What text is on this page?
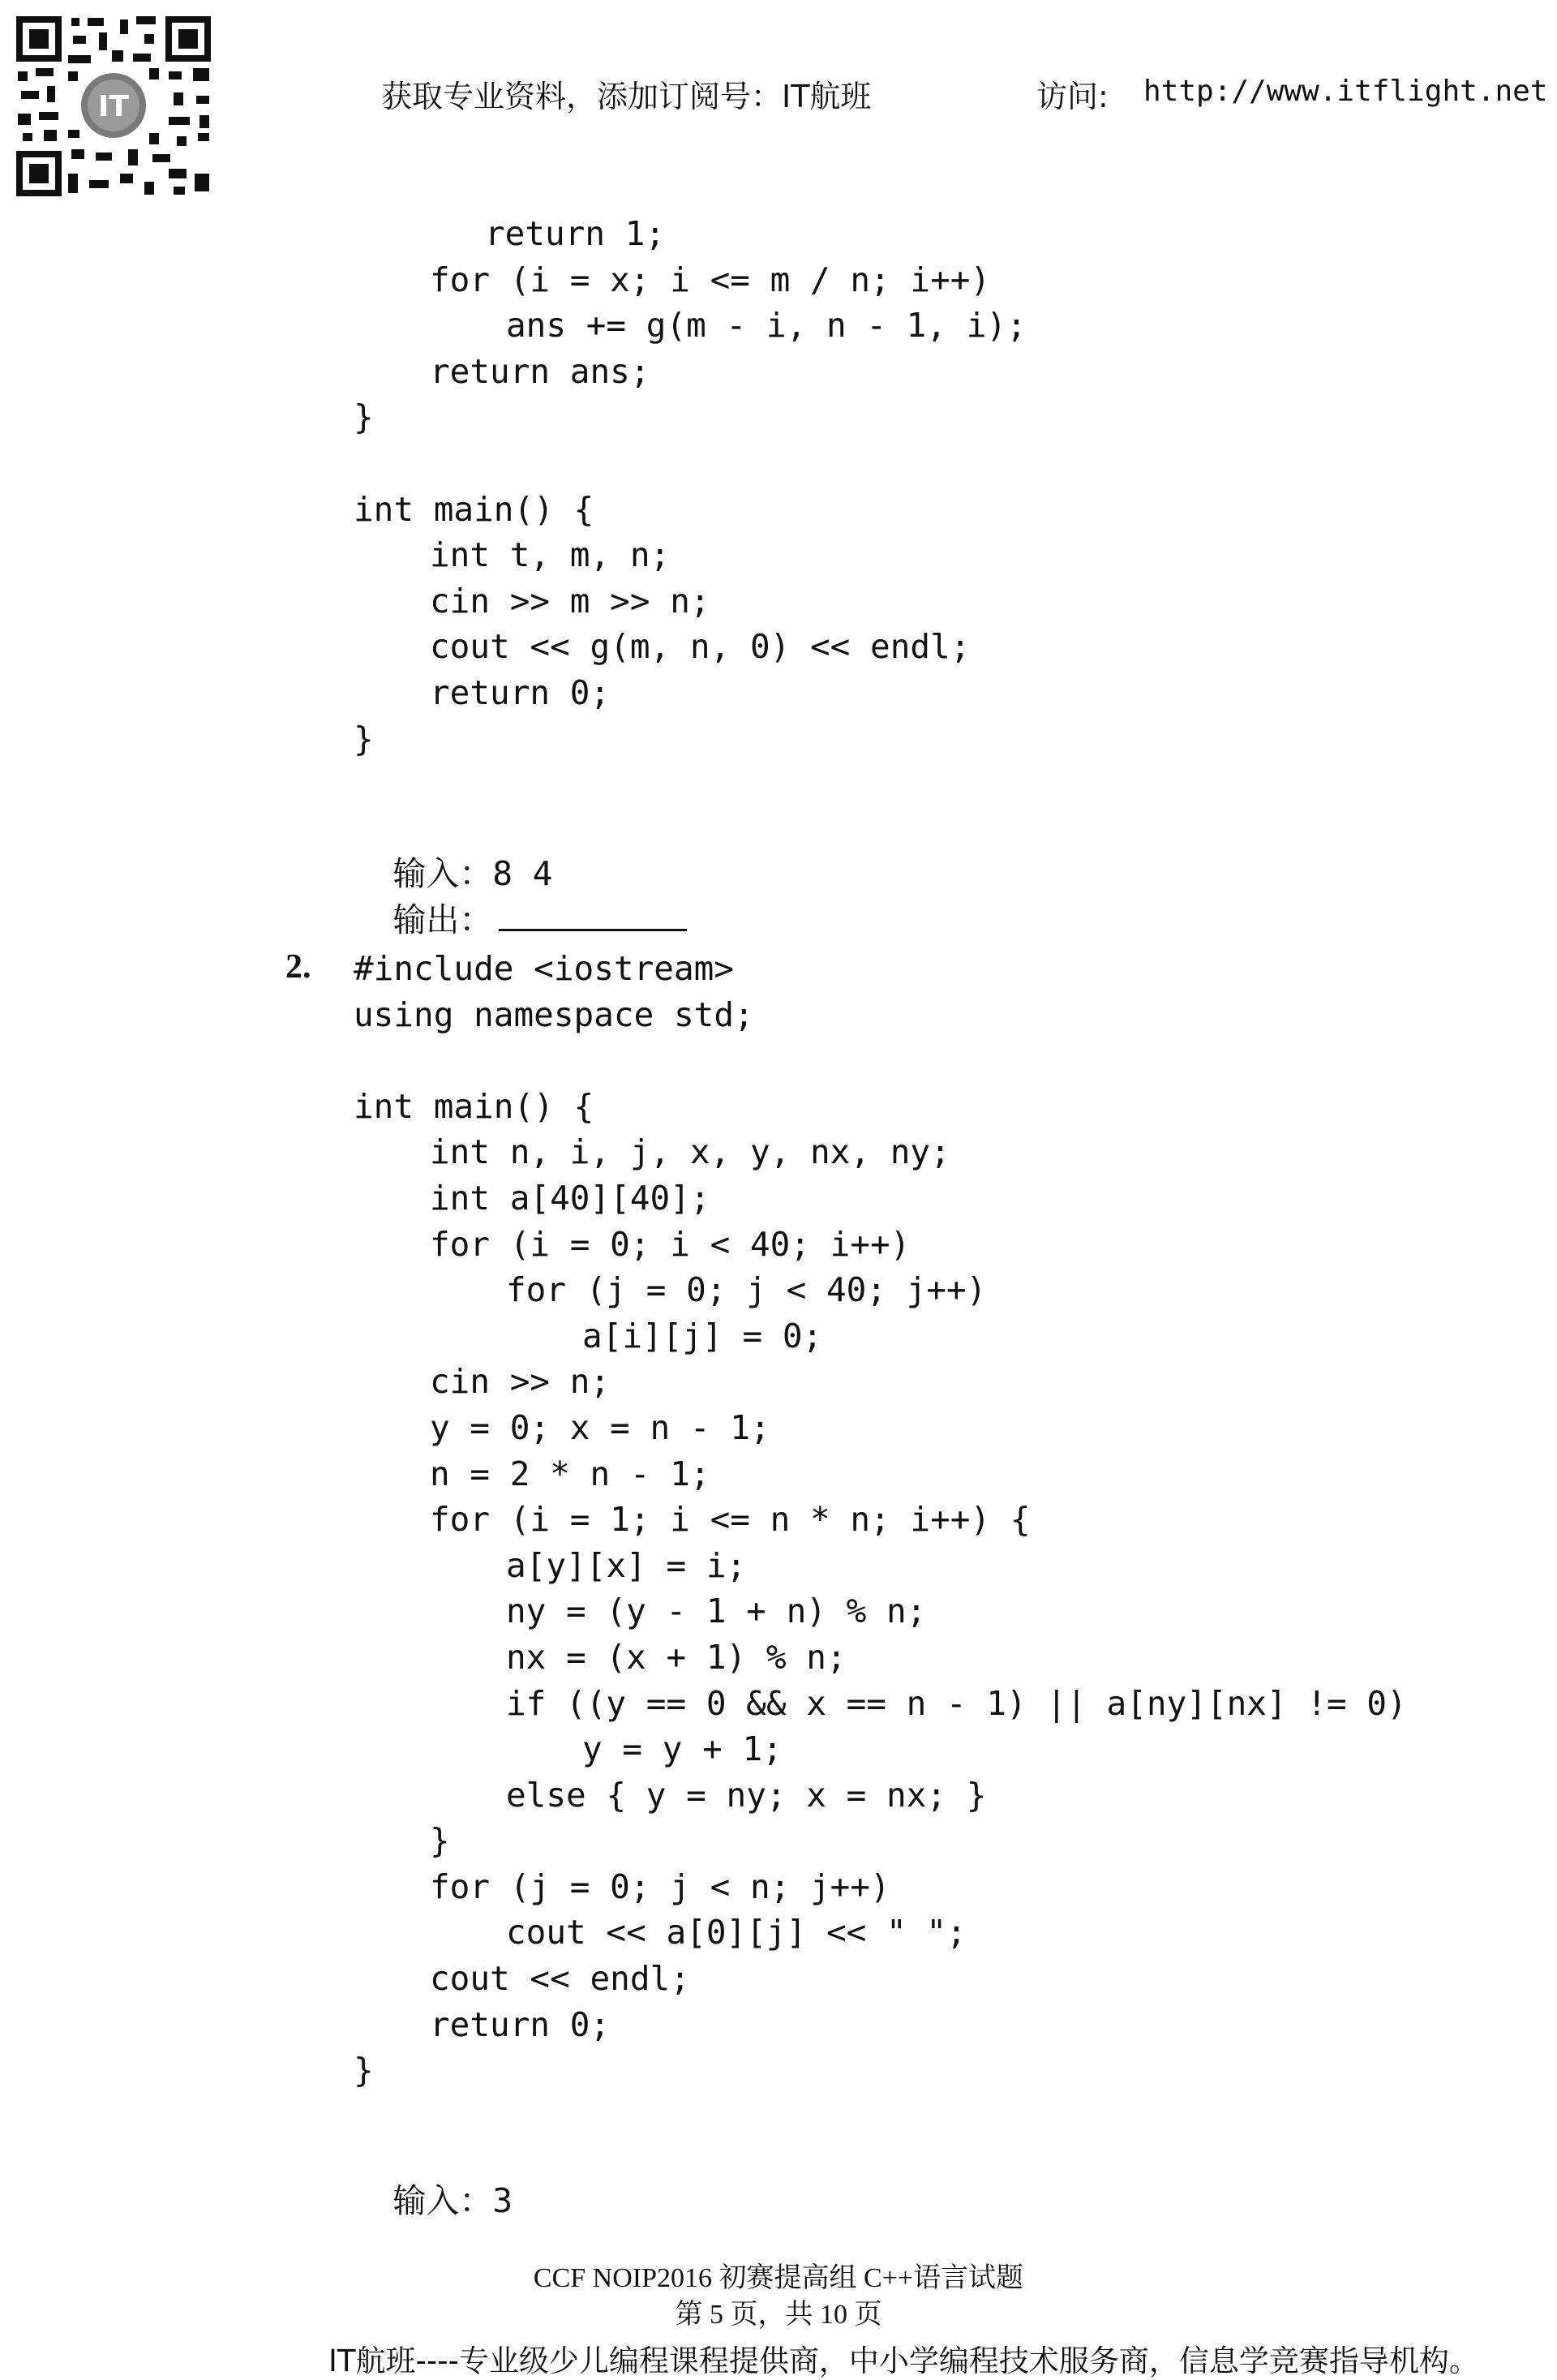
IT	获取专业资料，添加订阅号：IT航班	访问: http://www.itflight.net
return 1;
for (i = x; i <= m / n; i++)
ans += g(m - i, n - 1, i);
return ans;
}
int main() {
int t, m, n;
cin >> m >> n;
cout << g(m, n, 0) << endl;
return 0;
}

输入：8 4

输出：

2. #include <iostream>
using namespace std;
int main() {
int n, i, j, x, y, nx, ny;
int a[40][40];
for (i = 0; i < 40; i++)
for (j = 0; j < 40; j++)
a[i][j] = 0;
cin >> n;
y = 0; x = n - 1;
n = 2 * n - 1;
for (i = 1; i <= n * n; i++) {
a[y][x] = i;
ny = (y - 1 + n) % n;
nx = (x + 1) % n;
if ((y == 0 && x == n - 1) || a[ny][nx] != 0)
y = y + 1;
else { y = ny; x = nx; }
}
for (j = 0; j < n; j++)
cout << a[0][j] << " ";
cout << endl;
return 0;
}

输入：3

CCF NOIP2016 初赛提高组 C++语言试题
第 5 页，共 10 页
IT航班----专业级少儿编程课程提供商，中小学编程技术服务商，信息学竞赛指导机构。
